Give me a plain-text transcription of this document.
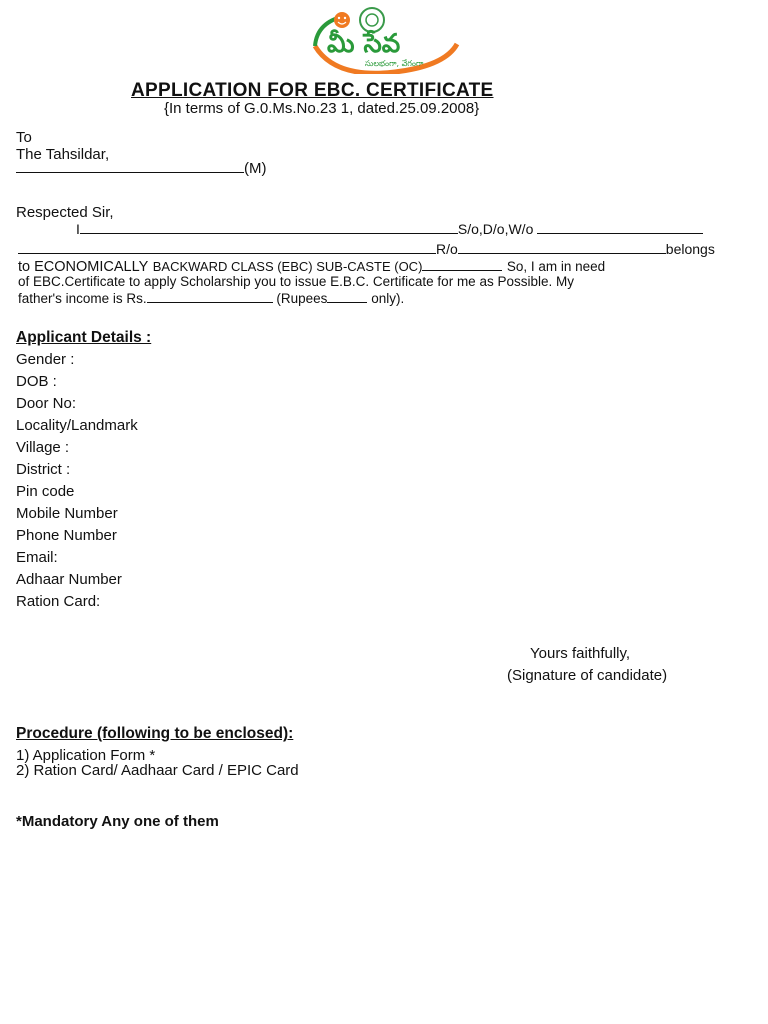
మీ సేవ
సులభంగా, వేగంగా
APPLICATION FOR EBC. CERTIFICATE
{In terms of G.0.Ms.No.23 1, dated.25.09.2008}
To
The Tahsildar,
(M)
Respected Sir,
I	S/o,D/o,W/o
R/o	belongs
to ECONOMICALLY BACKWARD CLASS (EBC) SUB-CASTE (OC)	So, I am in need
of EBC.Certificate to apply Scholarship you to issue E.B.C. Certificate for me as Possible. My
father's income is Rs.	(Rupees	only).
Applicant Details :
Gender :
DOB :
Door No:
Locality/Landmark
Village :
District :
Pin code
Mobile Number
Phone Number
Email:
Adhaar Number
Ration Card:
Yours faithfully,
(Signature of candidate)
Procedure (following to be enclosed):
1) Application Form *
2) Ration Card/ Aadhaar Card / EPIC Card
*Mandatory Any one of them
